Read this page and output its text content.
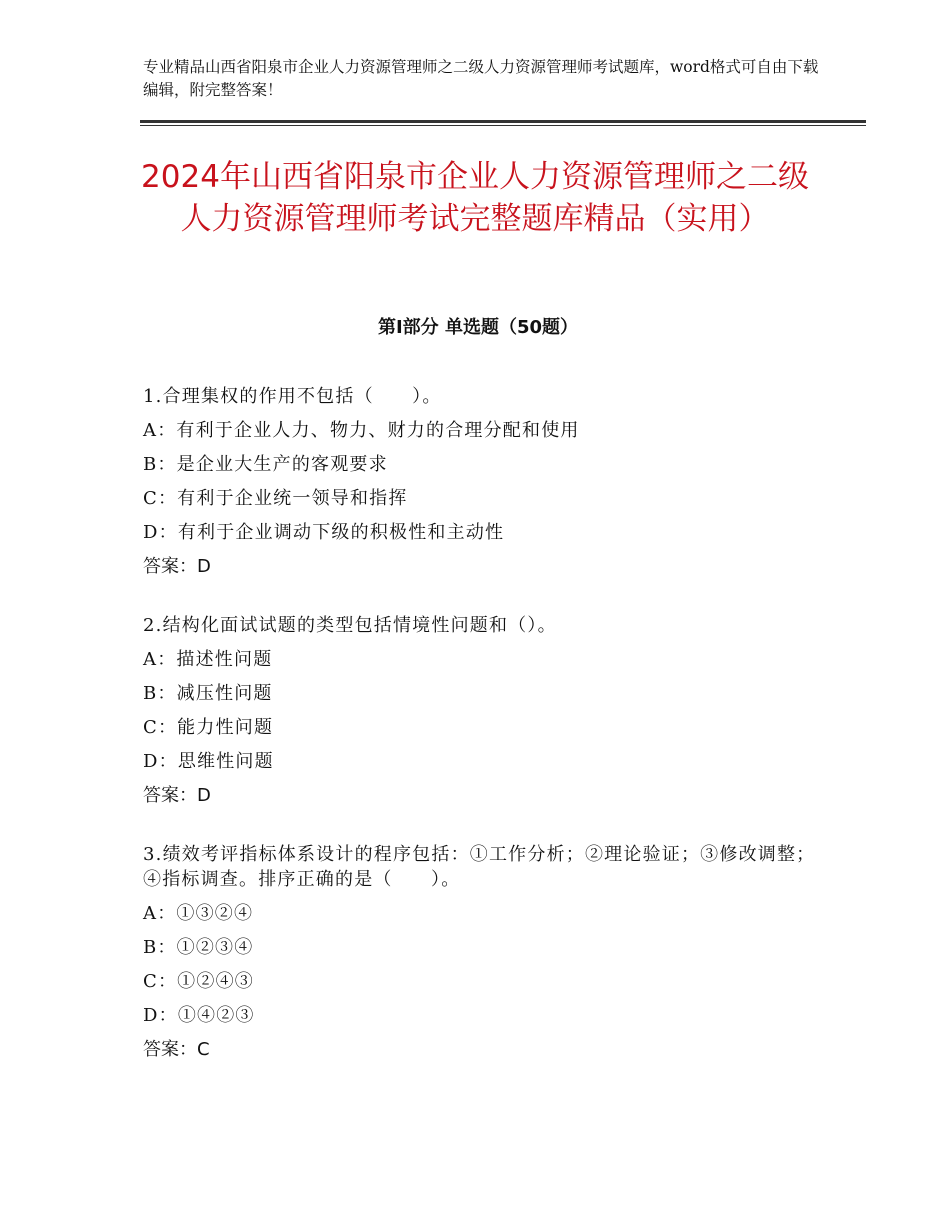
专业精品山西省阳泉市企业人力资源管理师之二级人力资源管理师考试题库，word格式可自由下载编辑，附完整答案！
2024年山西省阳泉市企业人力资源管理师之二级人力资源管理师考试完整题库精品（实用）
第Ⅰ部分 单选题（50题）

1.合理集权的作用不包括（　　）。

A：有利于企业人力、物力、财力的合理分配和使用

B：是企业大生产的客观要求

C：有利于企业统一领导和指挥

D：有利于企业调动下级的积极性和主动性

答案：D

2.结构化面试试题的类型包括情境性问题和（）。

A：描述性问题

B：减压性问题

C：能力性问题

D：思维性问题

答案：D

3.绩效考评指标体系设计的程序包括：①工作分析；②理论验证；③修改调整；④指标调查。排序正确的是（　　）。

A：①③②④

B：①②③④

C：①②④③

D：①④②③

答案：C
